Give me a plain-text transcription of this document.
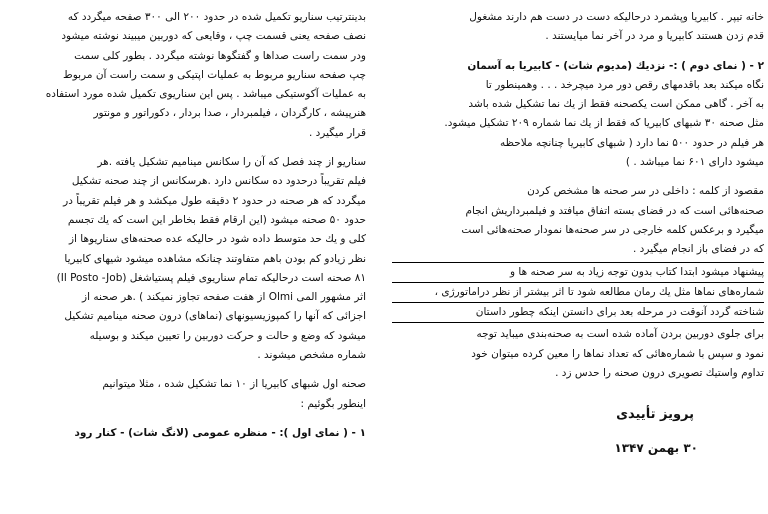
بدینترتیب سناریو تکمیل شده در حدود ۲۰۰ الی ۳۰۰ صفحه میگردد که
نصف صفحه یعنی قسمت چپ ، وقایعی که دوربین میبیند نوشته میشود
ودر سمت راست صداها و گفتگوها نوشته میگردد . بطور کلی سمت
چپ صفحه سناریو مربوط به عملیات اپتیکی و سمت راست آن مربوط
به عملیات آکوستیکی میباشد . پس این سناریوی تکمیل شده مورد استفاده
هنرپیشه ، کارگردان ، فیلمبردار ، صدا بردار ، دکوراتور و مونتور
قرار میگیرد .
سناریو از چند فصل که آن را سکانس مینامیم تشکیل یافته .هر
فیلم تقریباً درحدود ده سکانس دارد .هرسکانس از چند صحنه تشکیل
میگردد که هر صحنه در حدود ۲ دقیقه طول میکشد و هر فیلم تقریباً در
حدود ۵۰ صحنه میشود (این ارقام فقط بخاطر این است که یك تجسم
کلی و یك حد متوسط داده شود در حالیکه عده صحنه‌های سناریوها از
نظر زیادو کم بودن باهم متفاوتند چنانکه مشاهده میشود شیهای کابیریا
۸۱ صحنه است درحالیکه تمام سناریوی فیلم پستیاشغل (Il Posto -Job)
اثر مشهور المی Olmi از هفت صفحه تجاوز نمیکند ) .هر صحنه از
اجزائی که آنها را کمپوزیسیونهای (نماهای) درون صحنه مینامیم تشکیل
میشود که وضع و حالت و حرکت دوربین را تعیین میکند و بوسیله
شماره مشخص میشوند .
صحنه اول شبهای کابیریا از ۱۰ نما تشکیل شده ، مثلا میتوانیم
اینطور بگوئیم :
۱ - ( نمای اول ): - منظره عمومی (لانگ شات) - کنار رود
خانه تیپر . کابیریا وپشمرد درحالیکه دست در دست هم دارند مشغول
قدم زدن هستند کابیریا و مرد در آخر نما میایستند .
۲ - ( نمای دوم ) :- نزدیك (مدیوم شات) - کابیریا به آسمان
نگاه میکند بعد باقدمهای رقص دور مرد میچرخد . . . وهمینطور تا
به آخر . گاهی ممکن است یکصحنه فقط از یك نما تشکیل شده باشد
مثل صحنه ۳۰ شبهای کابیریا که فقط از یك نما شماره ۲۰۹ تشکیل میشود.
هر فیلم در حدود ۵۰۰ نما دارد ( شبهای کابیریا چنانچه ملاحظه
میشود دارای ۶۰۱ نما میباشد . )
مقصود از کلمه : داخلی در سر صحنه ها مشخص کردن
صحنه‌هائی است که در فضای بسته اتفاق میافتد و فیلمبرداریش انجام
میگیرد و برعکس کلمه خارجی در سر صحنه‌ها نمودار صحنه‌هائی است
که در فضای باز انجام میگیرد .
پیشنهاد میشود ابتدا کتاب بدون توجه زیاد به سر صحنه ها و
شماره‌های نماها مثل یك رمان مطالعه شود تا اثر بیشتر از نظر دراماتورژی ،
شناخته گردد آنوقت در مرحله بعد برای دانستن اینکه چطور داستان
برای جلوی دوربین بردن آماده شده است به صحنه‌بندی میباید توجه
نمود و سپس با شماره‌هائی که تعداد نماها را معین کرده میتوان خود
تداوم واستیك تصویری درون صحنه را حدس زد .
پرویز تأییدی
۳۰ بهمن ۱۳۴۷
